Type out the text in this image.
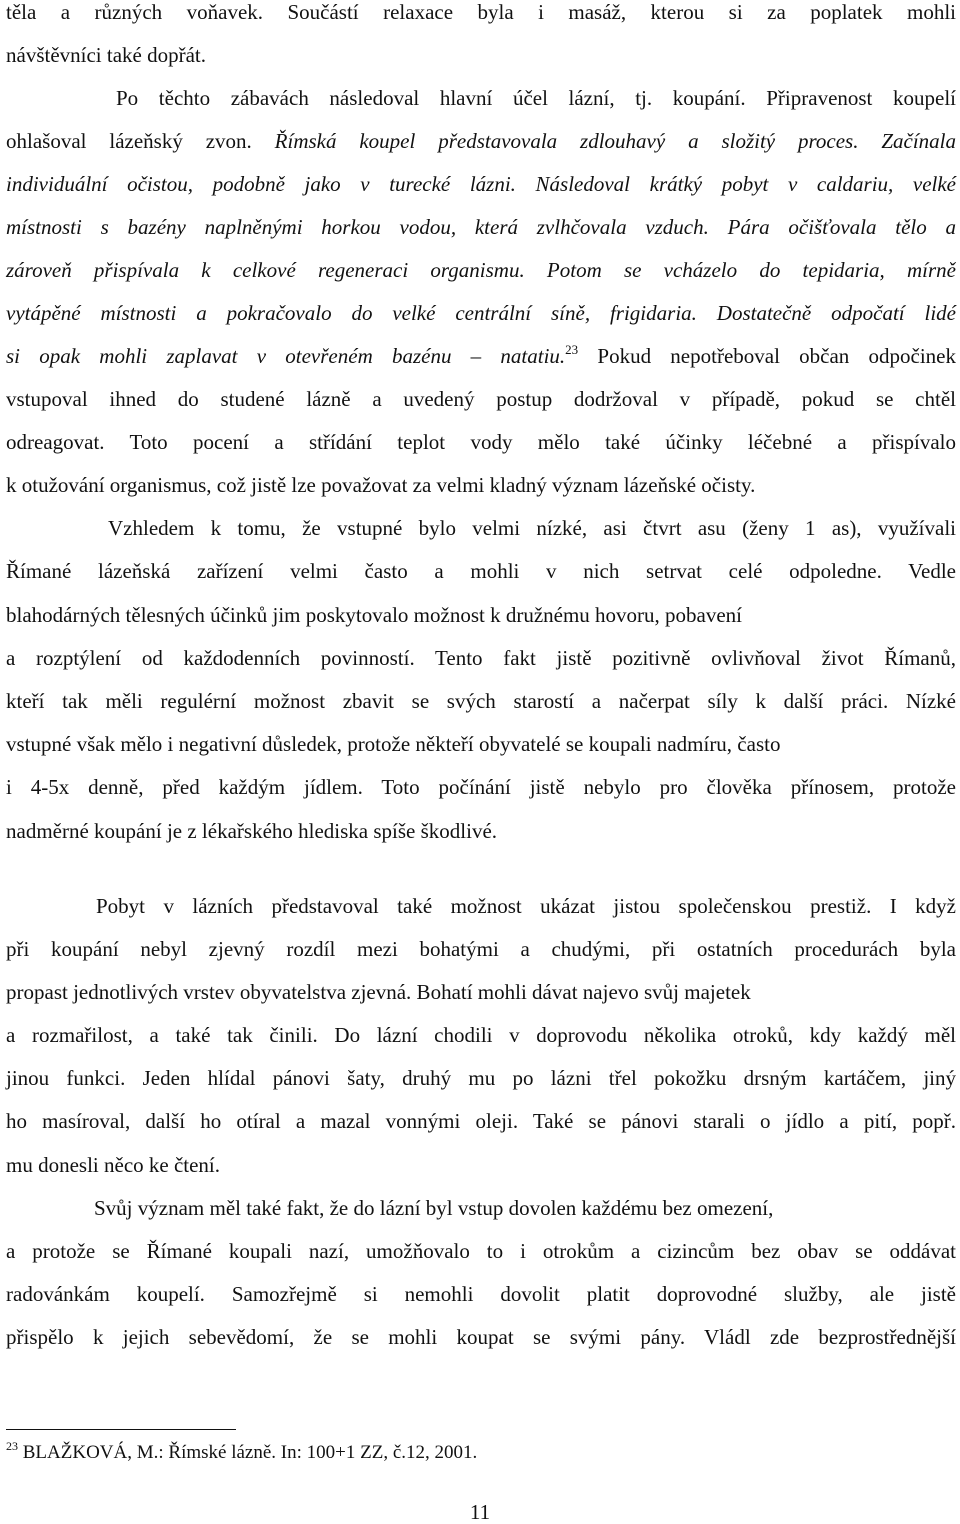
těla a různých voňavek. Součástí relaxace byla i masáž, kterou si za poplatek mohli
návštěvníci také dopřát.
Po těchto zábavách následoval hlavní účel lázní, tj. koupání. Připravenost koupelí
ohlašoval lázeňský zvon. Římská koupel představovala zdlouhavý a složitý proces. Začínala
individuální očistou, podobně jako v turecké lázni. Následoval krátký pobyt v caldariu, velké
místnosti s bazény naplněnými horkou vodou, která zvlhčovala vzduch. Pára očišťovala tělo a
zároveň přispívala k celkové regeneraci organismu. Potom se vcházelo do tepidaria, mírně
vytápěné místnosti a pokračovalo do velké centrální síně, frigidaria. Dostatečně odpočatí lidé
si opak mohli zaplavat v otevřeném bazénu – natatiu.$^{23}$ Pokud nepotřeboval občan odpočinek
vstupoval ihned do studené lázně a uvedený postup dodržoval v případě, pokud se chtěl
odreagovat. Toto pocení a střídání teplot vody mělo také účinky léčebné a přispívalo
k otužování organismus, což jistě lze považovat za velmi kladný význam lázeňské očisty.
Vzhledem k tomu, že vstupné bylo velmi nízké, asi čtvrt asu (ženy 1 as), využívali
Římané lázeňská zařízení velmi často a mohli v nich setrvat celé odpoledne. Vedle
blahodárných tělesných účinků jim poskytovalo možnost k družnému hovoru, pobavení
a rozptýlení od každodenních povinností. Tento fakt jistě pozitivně ovlivňoval život Římanů,
kteří tak měli regulérní možnost zbavit se svých starostí a načerpat síly k další práci. Nízké
vstupné však mělo i negativní důsledek, protože někteří obyvatelé se koupali nadmíru, často
i 4-5x denně, před každým jídlem. Toto počínání jistě nebylo pro člověka přínosem, protože
nadměrné koupání je z lékařského hlediska spíše škodlivé.
Pobyt v lázních představoval také možnost ukázat jistou společenskou prestiž. I když
při koupání nebyl zjevný rozdíl mezi bohatými a chudými, při ostatních procedurách byla
propast jednotlivých vrstev obyvatelstva zjevná. Bohatí mohli dávat najevo svůj majetek
a rozmařilost, a také tak činili. Do lázní chodili v doprovodu několika otroků, kdy každý měl
jinou funkci. Jeden hlídal pánovi šaty, druhý mu po lázni třel pokožku drsným kartáčem, jiný
ho masíroval, další ho otíral a mazal vonnými oleji. Také se pánovi starali o jídlo a pití, popř.
mu donesli něco ke čtení.
Svůj význam měl také fakt, že do lázní byl vstup dovolen každému bez omezení,
a protože se Římané koupali nazí, umožňovalo to i otrokům a cizincům bez obav se oddávat
radovánkám koupelí. Samozřejmě si nemohli dovolit platit doprovodné služby, ale jistě
přispělo k jejich sebevědomí, že se mohli koupat se svými pány. Vládl zde bezprostřednější
$^{23}$ BLAŽKOVÁ, M.: Římské lázně. In: 100+1 ZZ, č.12, 2001.
11
